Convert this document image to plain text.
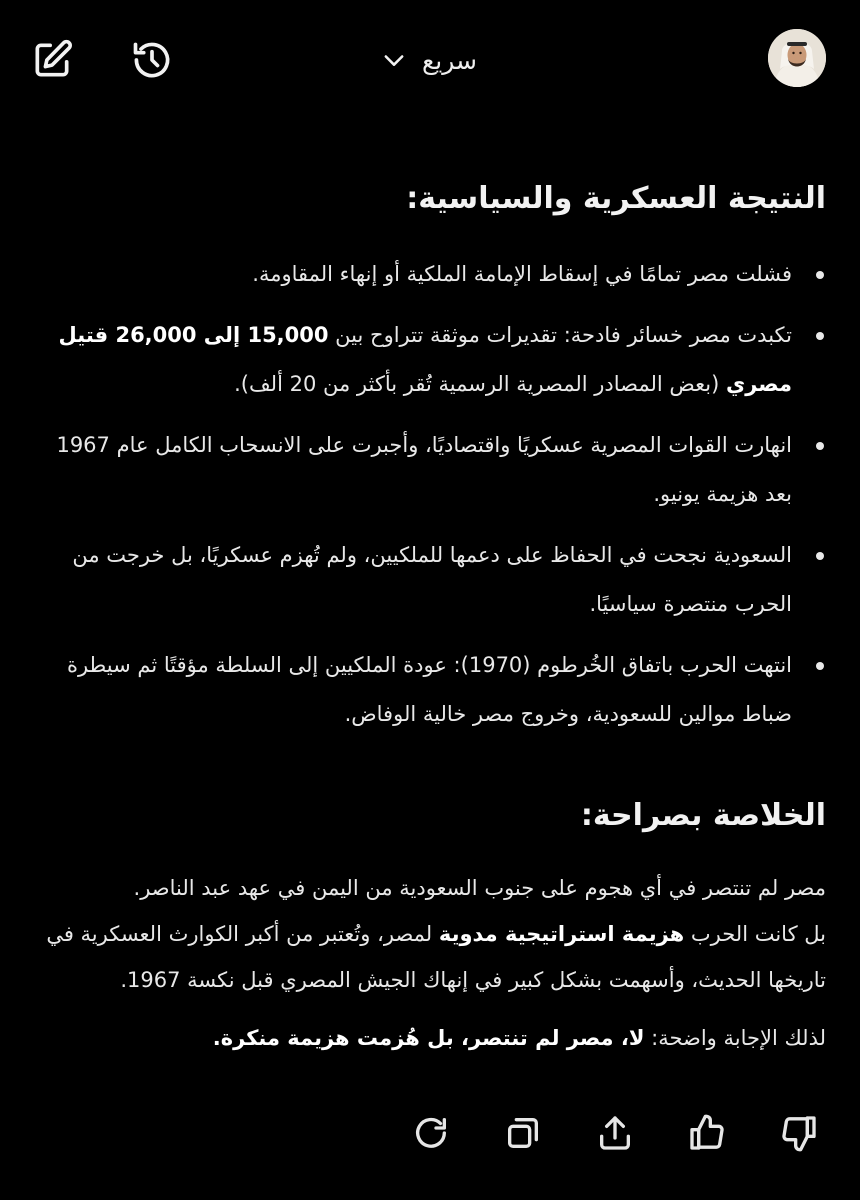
سريع
النتيجة العسكرية والسياسية:
فشلت مصر تمامًا في إسقاط الإمامة الملكية أو إنهاء المقاومة.
تكبدت مصر خسائر فادحة: تقديرات موثقة تتراوح بين 15,000 إلى 26,000 قتيل مصري (بعض المصادر المصرية الرسمية تُقر بأكثر من 20 ألف).
انهارت القوات المصرية عسكريًا واقتصاديًا، وأجبرت على الانسحاب الكامل عام 1967 بعد هزيمة يونيو.
السعودية نجحت في الحفاظ على دعمها للملكيين، ولم تُهزم عسكريًا، بل خرجت من الحرب منتصرة سياسيًا.
انتهت الحرب باتفاق الخُرطوم (1970): عودة الملكيين إلى السلطة مؤقتًا ثم سيطرة ضباط موالين للسعودية، وخروج مصر خالية الوفاض.
الخلاصة بصراحة:

مصر لم تنتصر في أي هجوم على جنوب السعودية من اليمن في عهد عبد الناصر.

بل كانت الحرب هزيمة استراتيجية مدوية لمصر، وتُعتبر من أكبر الكوارث العسكرية في تاريخها الحديث، وأسهمت بشكل كبير في إنهاك الجيش المصري قبل نكسة 1967.

لذلك الإجابة واضحة: لا، مصر لم تنتصر، بل هُزمت هزيمة منكرة.
